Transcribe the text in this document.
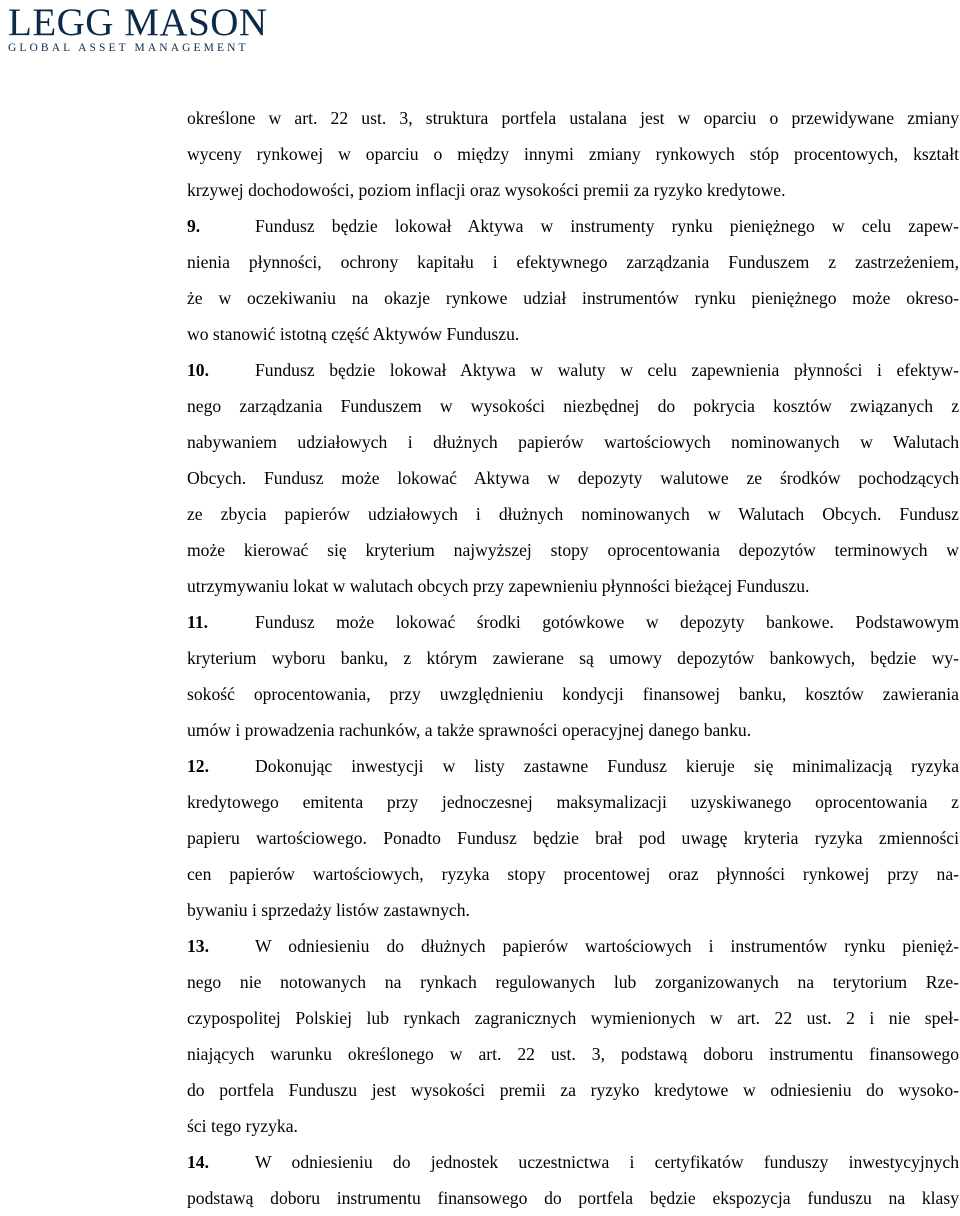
LEGG MASON
GLOBAL ASSET MANAGEMENT
określone w art. 22 ust. 3, struktura portfela ustalana jest w oparciu o przewidywane zmiany
wyceny rynkowej w oparciu o między innymi zmiany rynkowych stóp procentowych, kształt
krzywej dochodowości, poziom inflacji oraz wysokości premii za ryzyko kredytowe.
9.	Fundusz będzie lokował Aktywa w instrumenty rynku pieniężnego w celu zapew-
nienia płynności, ochrony kapitału i efektywnego zarządzania Funduszem z zastrzeżeniem,
że w oczekiwaniu na okazje rynkowe udział instrumentów rynku pieniężnego może okreso-
wo stanowić istotną część Aktywów Funduszu.
10.	Fundusz będzie lokował Aktywa w waluty w celu zapewnienia płynności i efektyw-
nego zarządzania Funduszem w wysokości niezbędnej do pokrycia kosztów związanych z
nabywaniem udziałowych i dłużnych papierów wartościowych nominowanych w Walutach
Obcych. Fundusz może lokować Aktywa w depozyty walutowe ze środków pochodzących
ze zbycia papierów udziałowych i dłużnych nominowanych w Walutach Obcych. Fundusz
może kierować się kryterium najwyższej stopy oprocentowania depozytów terminowych w
utrzymywaniu lokat w walutach obcych przy zapewnieniu płynności bieżącej Funduszu.
11.	Fundusz może lokować środki gotówkowe w depozyty bankowe. Podstawowym
kryterium wyboru banku, z którym zawierane są umowy depozytów bankowych, będzie wy-
sokość oprocentowania, przy uwzględnieniu kondycji finansowej banku, kosztów zawierania
umów i prowadzenia rachunków, a także sprawności operacyjnej danego banku.
12.	Dokonując inwestycji w listy zastawne Fundusz kieruje się minimalizacją ryzyka
kredytowego emitenta przy jednoczesnej maksymalizacji uzyskiwanego oprocentowania z
papieru wartościowego. Ponadto Fundusz będzie brał pod uwagę kryteria ryzyka zmienności
cen papierów wartościowych, ryzyka stopy procentowej oraz płynności rynkowej przy na-
bywaniu i sprzedaży listów zastawnych.
13.	W odniesieniu do dłużnych papierów wartościowych i instrumentów rynku pienięż-
nego nie notowanych na rynkach regulowanych lub zorganizowanych na terytorium Rze-
czypospolitej Polskiej lub rynkach zagranicznych wymienionych w art. 22 ust. 2 i nie speł-
niających warunku określonego w art. 22 ust. 3, podstawą doboru instrumentu finansowego
do portfela Funduszu jest wysokości premii za ryzyko kredytowe w odniesieniu do wysoko-
ści tego ryzyka.
14.	W odniesieniu do jednostek uczestnictwa i certyfikatów funduszy inwestycyjnych
podstawą doboru instrumentu finansowego do portfela będzie ekspozycja funduszu na klasy
